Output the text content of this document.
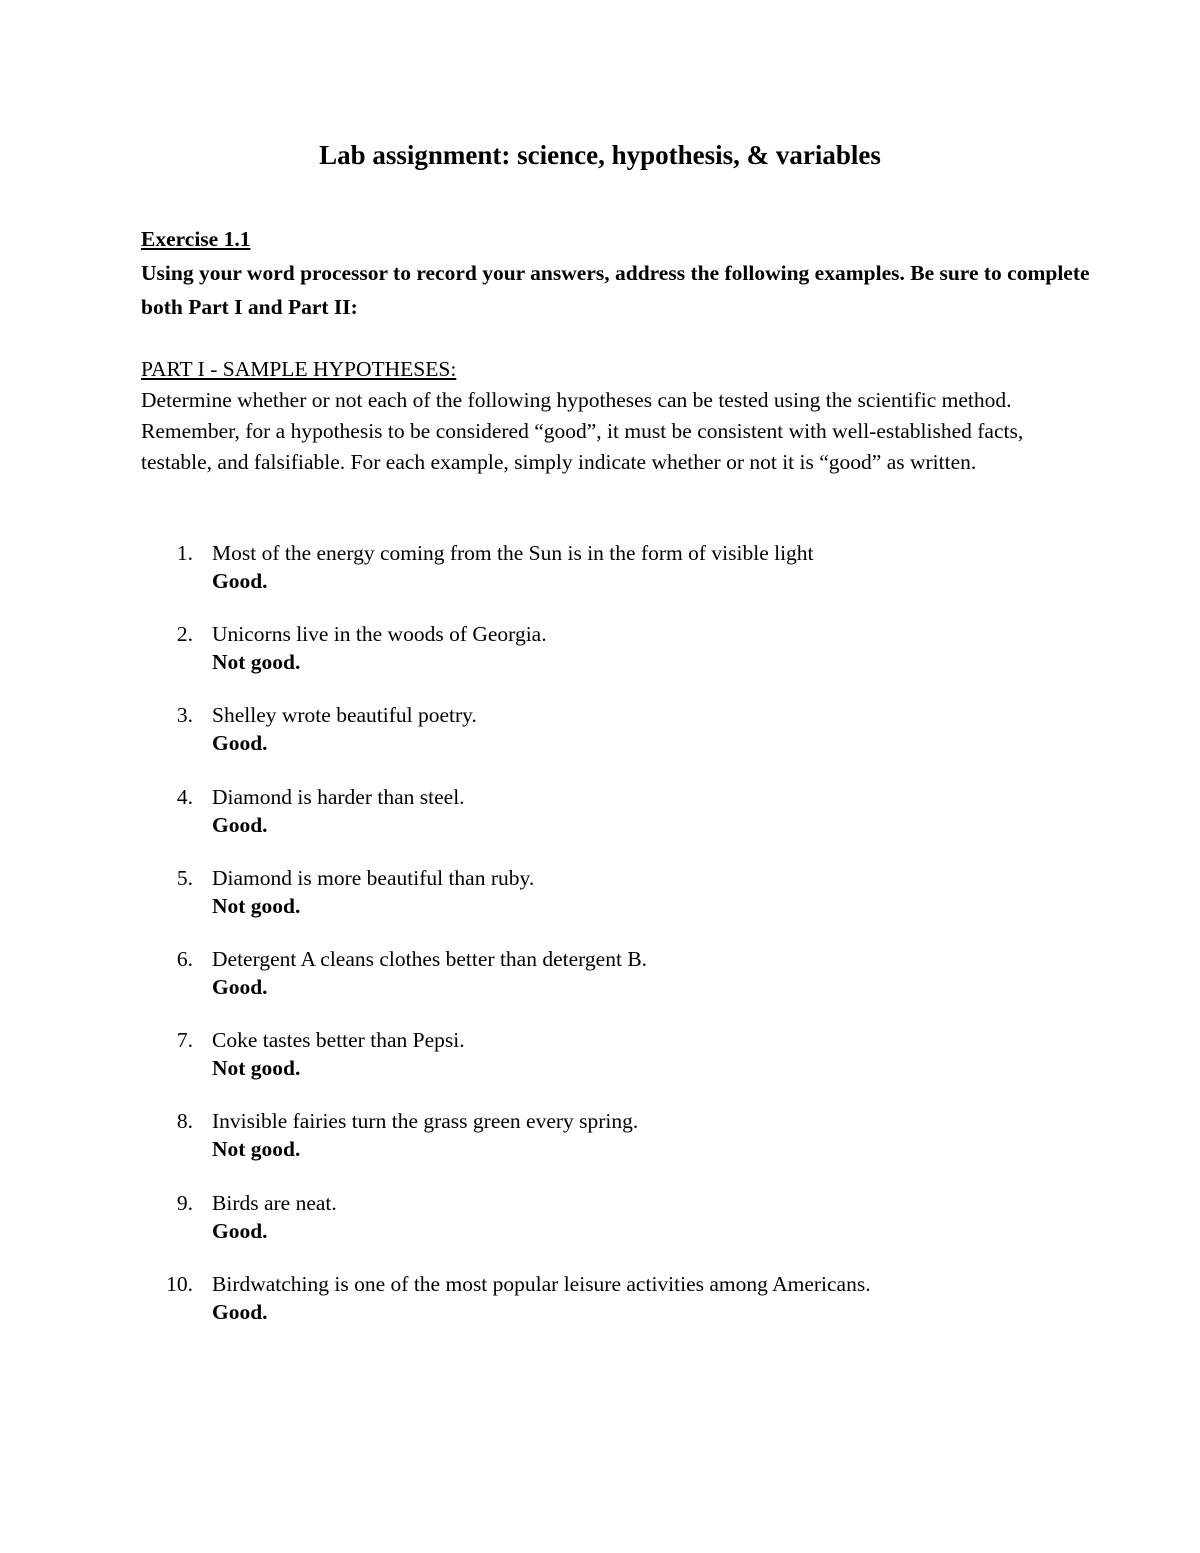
Lab assignment: science, hypothesis, & variables
Exercise 1.1
Using your word processor to record your answers, address the following examples. Be sure to complete both Part I and Part II:
PART I - SAMPLE HYPOTHESES:
Determine whether or not each of the following hypotheses can be tested using the scientific method. Remember, for a hypothesis to be considered “good”, it must be consistent with well-established facts, testable, and falsifiable. For each example, simply indicate whether or not it is “good” as written.
1. Most of the energy coming from the Sun is in the form of visible light
Good.
2. Unicorns live in the woods of Georgia.
Not good.
3. Shelley wrote beautiful poetry.
Good.
4. Diamond is harder than steel.
Good.
5. Diamond is more beautiful than ruby.
Not good.
6. Detergent A cleans clothes better than detergent B.
Good.
7. Coke tastes better than Pepsi.
Not good.
8. Invisible fairies turn the grass green every spring.
Not good.
9. Birds are neat.
Good.
10. Birdwatching is one of the most popular leisure activities among Americans.
Good.
